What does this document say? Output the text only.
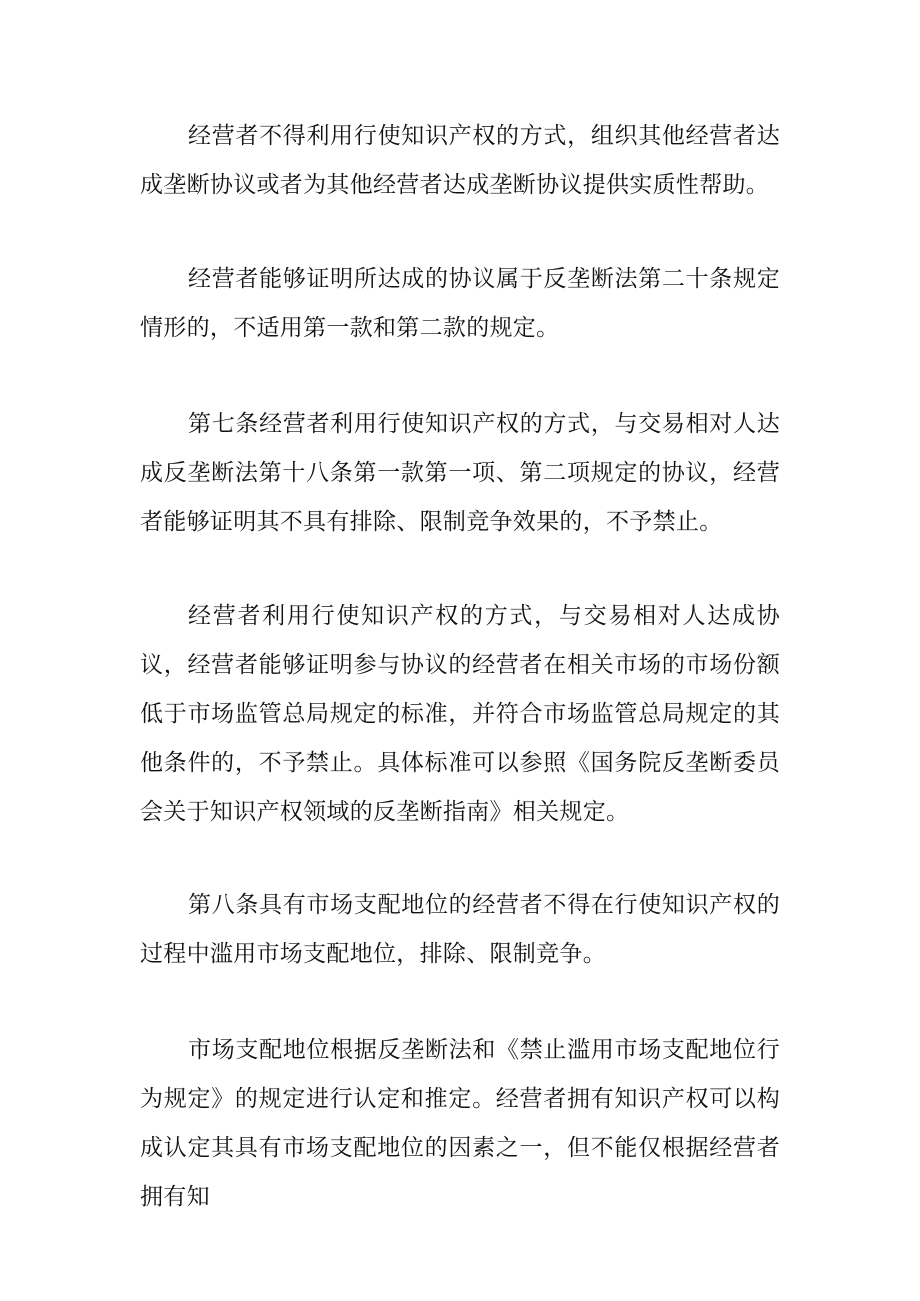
经营者不得利用行使知识产权的方式，组织其他经营者达成垄断协议或者为其他经营者达成垄断协议提供实质性帮助。

经营者能够证明所达成的协议属于反垄断法第二十条规定情形的，不适用第一款和第二款的规定。

第七条经营者利用行使知识产权的方式，与交易相对人达成反垄断法第十八条第一款第一项、第二项规定的协议，经营者能够证明其不具有排除、限制竞争效果的，不予禁止。

经营者利用行使知识产权的方式，与交易相对人达成协议，经营者能够证明参与协议的经营者在相关市场的市场份额低于市场监管总局规定的标准，并符合市场监管总局规定的其他条件的，不予禁止。具体标准可以参照《国务院反垄断委员会关于知识产权领域的反垄断指南》相关规定。

第八条具有市场支配地位的经营者不得在行使知识产权的过程中滥用市场支配地位，排除、限制竞争。

市场支配地位根据反垄断法和《禁止滥用市场支配地位行为规定》的规定进行认定和推定。经营者拥有知识产权可以构成认定其具有市场支配地位的因素之一，但不能仅根据经营者拥有知
